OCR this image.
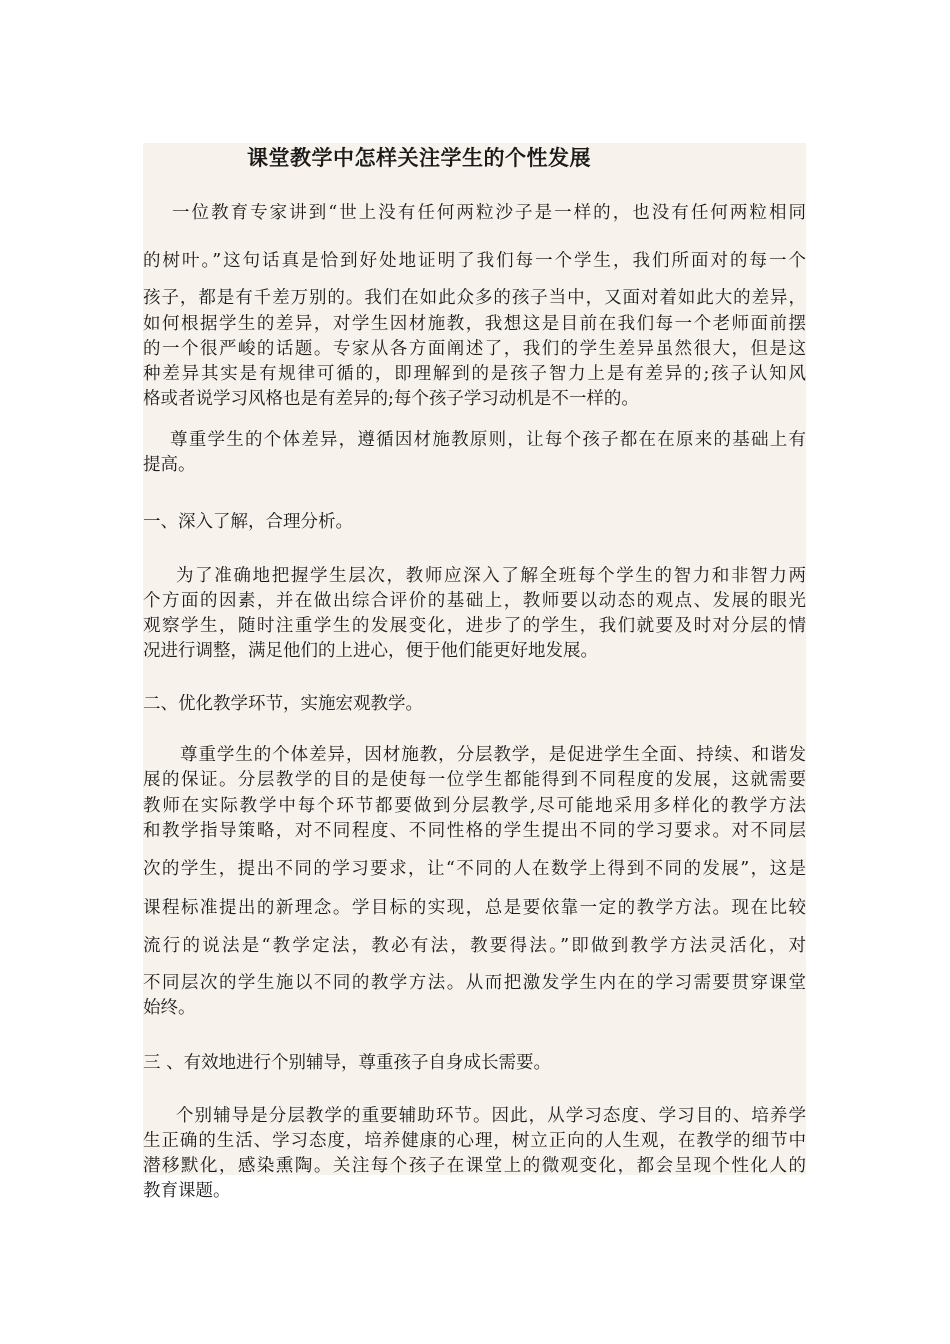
课堂教学中怎样关注学生的个性发展

一位教育专家讲到“世上没有任何两粒沙子是一样的，也没有任何两粒相同

的树叶。”这句话真是恰到好处地证明了我们每一个学生，我们所面对的每一个

孩子，都是有千差万别的。我们在如此众多的孩子当中，又面对着如此大的差异，

如何根据学生的差异，对学生因材施教，我想这是目前在我们每一个老师面前摆

的一个很严峻的话题。专家从各方面阐述了，我们的学生差异虽然很大，但是这

种差异其实是有规律可循的，即理解到的是孩子智力上是有差异的;孩子认知风

格或者说学习风格也是有差异的;每个孩子学习动机是不一样的。

尊重学生的个体差异，遵循因材施教原则，让每个孩子都在在原来的基础上有

提高。

一、深入了解，合理分析。

为了准确地把握学生层次，教师应深入了解全班每个学生的智力和非智力两

个方面的因素，并在做出综合评价的基础上，教师要以动态的观点、发展的眼光

观察学生，随时注重学生的发展变化，进步了的学生，我们就要及时对分层的情

况进行调整，满足他们的上进心，便于他们能更好地发展。

二、优化教学环节，实施宏观教学。

尊重学生的个体差异，因材施教，分层教学，是促进学生全面、持续、和谐发

展的保证。分层教学的目的是使每一位学生都能得到不同程度的发展，这就需要

教师在实际教学中每个环节都要做到分层教学,尽可能地采用多样化的教学方法

和教学指导策略，对不同程度、不同性格的学生提出不同的学习要求。对不同层

次的学生，提出不同的学习要求，让“不同的人在数学上得到不同的发展”，这是

课程标准提出的新理念。学目标的实现，总是要依靠一定的教学方法。现在比较

流行的说法是“教学定法，教必有法，教要得法。”即做到教学方法灵活化，对

不同层次的学生施以不同的教学方法。从而把激发学生内在的学习需要贯穿课堂

始终。

三 、有效地进行个别辅导，尊重孩子自身成长需要。

个别辅导是分层教学的重要辅助环节。因此，从学习态度、学习目的、培养学

生正确的生活、学习态度，培养健康的心理，树立正向的人生观，在教学的细节中

潜移默化，感染熏陶。关注每个孩子在课堂上的微观变化，都会呈现个性化人的

教育课题。
